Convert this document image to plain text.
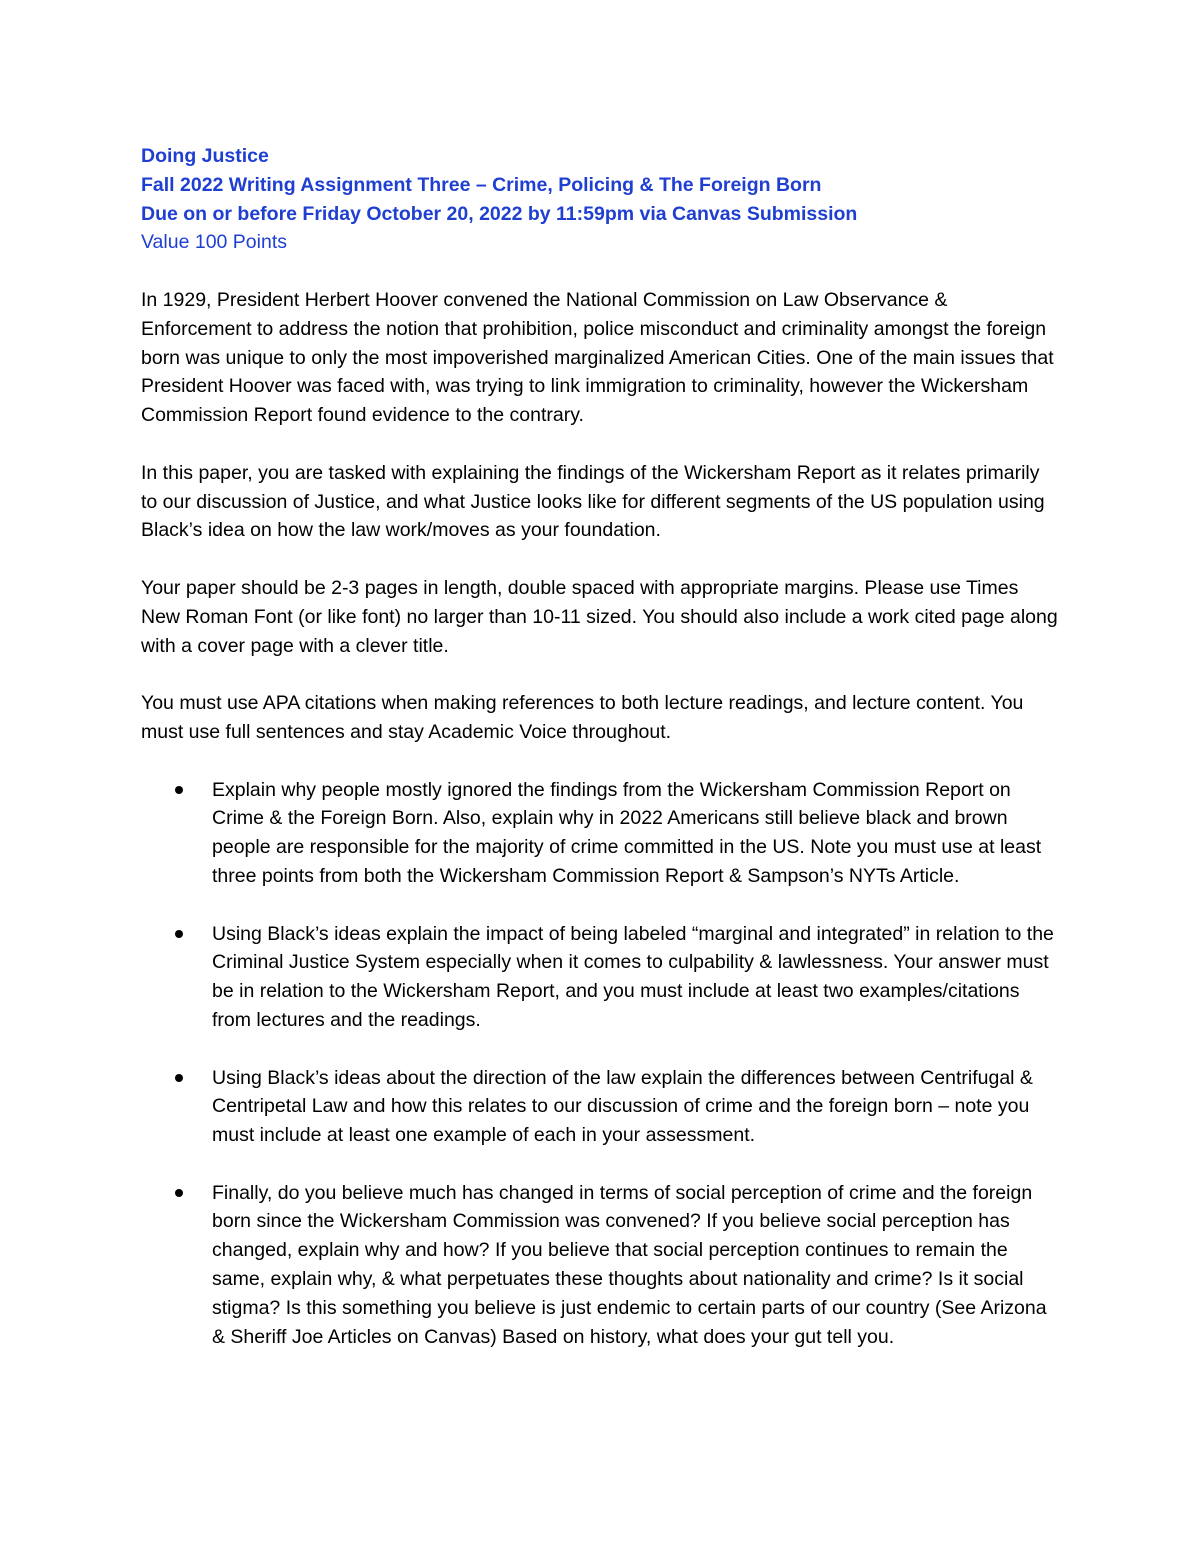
Doing Justice
Fall 2022 Writing Assignment Three – Crime, Policing & The Foreign Born
Due on or before Friday October 20, 2022 by 11:59pm via Canvas Submission
Value 100 Points

In 1929, President Herbert Hoover convened the National Commission on Law Observance & Enforcement to address the notion that prohibition, police misconduct and criminality amongst the foreign born was unique to only the most impoverished marginalized American Cities. One of the main issues that President Hoover was faced with, was trying to link immigration to criminality, however the Wickersham Commission Report found evidence to the contrary.

In this paper, you are tasked with explaining the findings of the Wickersham Report as it relates primarily to our discussion of Justice, and what Justice looks like for different segments of the US population using Black’s idea on how the law work/moves as your foundation.

Your paper should be 2-3 pages in length, double spaced with appropriate margins. Please use Times New Roman Font (or like font) no larger than 10-11 sized. You should also include a work cited page along with a cover page with a clever title.

You must use APA citations when making references to both lecture readings, and lecture content. You must use full sentences and stay Academic Voice throughout.

Explain why people mostly ignored the findings from the Wickersham Commission Report on Crime & the Foreign Born. Also, explain why in 2022 Americans still believe black and brown people are responsible for the majority of crime committed in the US. Note you must use at least three points from both the Wickersham Commission Report & Sampson’s NYTs Article.
Using Black’s ideas explain the impact of being labeled “marginal and integrated” in relation to the Criminal Justice System especially when it comes to culpability & lawlessness. Your answer must be in relation to the Wickersham Report, and you must include at least two examples/citations from lectures and the readings.
Using Black’s ideas about the direction of the law explain the differences between Centrifugal & Centripetal Law and how this relates to our discussion of crime and the foreign born – note you must include at least one example of each in your assessment.
Finally, do you believe much has changed in terms of social perception of crime and the foreign born since the Wickersham Commission was convened? If you believe social perception has changed, explain why and how? If you believe that social perception continues to remain the same, explain why, & what perpetuates these thoughts about nationality and crime? Is it social stigma? Is this something you believe is just endemic to certain parts of our country (See Arizona & Sheriff Joe Articles on Canvas) Based on history, what does your gut tell you.
